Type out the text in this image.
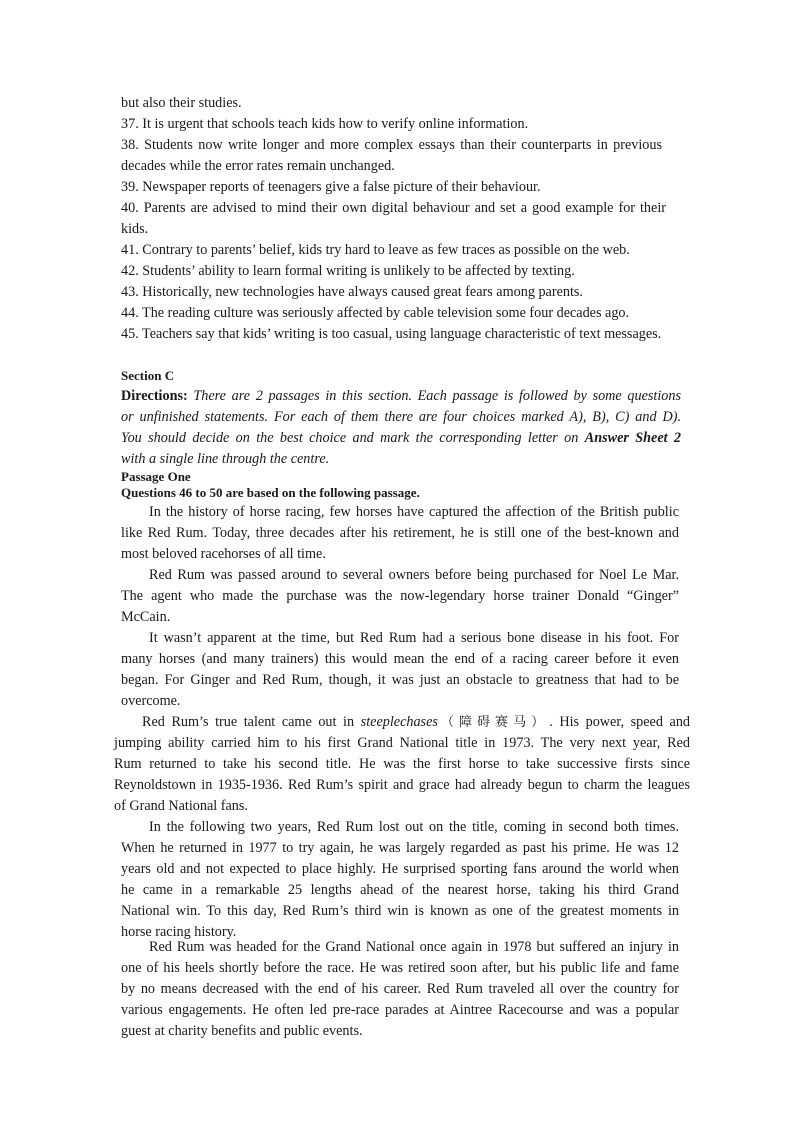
but also their studies.
37. It is urgent that schools teach kids how to verify online information.
38. Students now write longer and more complex essays than their counterparts in previous
decades while the error rates remain unchanged.
39. Newspaper reports of teenagers give a false picture of their behaviour.
40. Parents are advised to mind their own digital behaviour and set a good example for their
kids.
41. Contrary to parents’ belief, kids try hard to leave as few traces as possible on the web.
42. Students’ ability to learn formal writing is unlikely to be affected by texting.
43. Historically, new technologies have always caused great fears among parents.
44. The reading culture was seriously affected by cable television some four decades ago.
45. Teachers say that kids’ writing is too casual, using language characteristic of text messages.
Section C

Directions: There are 2 passages in this section. Each passage is followed by some questions

or unfinished statements. For each of them there are four choices marked A), B), C) and D).

You should decide on the best choice and mark the corresponding letter on Answer Sheet 2

with a single line through the centre.

Passage One
Questions 46 to 50 are based on the following passage.

In the history of horse racing, few horses have captured the affection of the British public

like Red Rum. Today, three decades after his retirement, he is still one of the best-known and

most beloved racehorses of all time.

Red Rum was passed around to several owners before being purchased for Noel Le Mar.

The agent who made the purchase was the now-legendary horse trainer Donald “Ginger”

McCain.

It wasn’t apparent at the time, but Red Rum had a serious bone disease in his foot. For

many horses (and many trainers) this would mean the end of a racing career before it even

began. For Ginger and Red Rum, though, it was just an obstacle to greatness that had to be

overcome.

Red Rum’s true talent came out in steeplechases（障碍赛马）. His power, speed and

jumping ability carried him to his first Grand National title in 1973. The very next year, Red

Rum returned to take his second title. He was the first horse to take successive firsts since

Reynoldstown in 1935-1936. Red Rum’s spirit and grace had already begun to charm the leagues

of Grand National fans.

In the following two years, Red Rum lost out on the title, coming in second both times.

When he returned in 1977 to try again, he was largely regarded as past his prime. He was 12

years old and not expected to place highly. He surprised sporting fans around the world when

he came in a remarkable 25 lengths ahead of the nearest horse, taking his third Grand

National win. To this day, Red Rum’s third win is known as one of the greatest moments in

horse racing history.

Red Rum was headed for the Grand National once again in 1978 but suffered an injury in

one of his heels shortly before the race. He was retired soon after, but his public life and fame

by no means decreased with the end of his career. Red Rum traveled all over the country for

various engagements. He often led pre-race parades at Aintree Racecourse and was a popular

guest at charity benefits and public events.
